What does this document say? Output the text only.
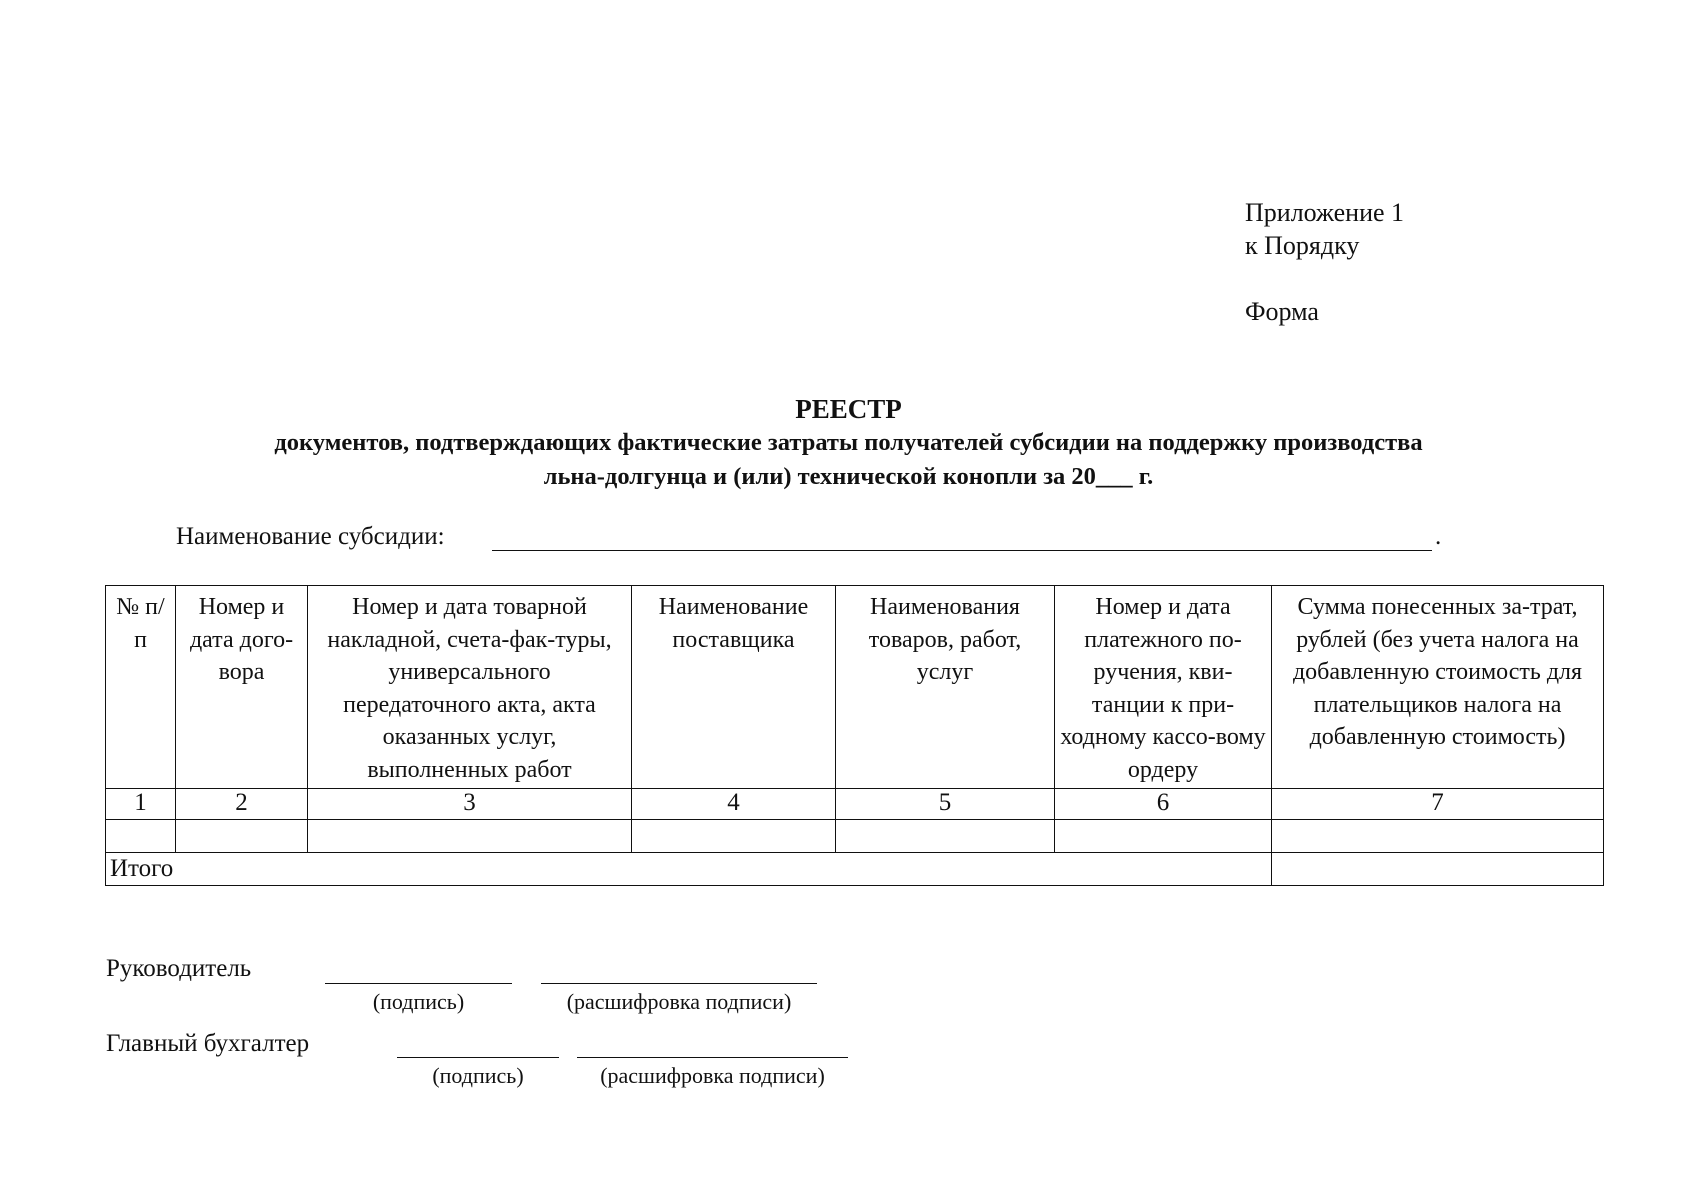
Приложение 1
к Порядку
Форма
РЕЕСТР
документов, подтверждающих фактические затраты получателей субсидии на поддержку производства
льна-долгунца и (или) технической конопли за 20___ г.
Наименование субсидии:	.
№ п/п	Номер и дата дого-вора	Номер и дата товарной накладной, счета-фак-туры, универсального передаточного акта, акта оказанных услуг, выполненных работ	Наименование поставщика	Наименования товаров, работ, услуг	Номер и дата платежного по-ручения, кви-танции к при-ходному кассо-вому ордеру	Сумма понесенных за-трат, рублей (без учета налога на добавленную стоимость для плательщиков налога на добавленную стоимость)
1	2	3	4	5	6	7

Итого						
Руководитель
(подпись)	(расшифровка подписи)
Главный бухгалтер
(подпись)	(расшифровка подписи)
